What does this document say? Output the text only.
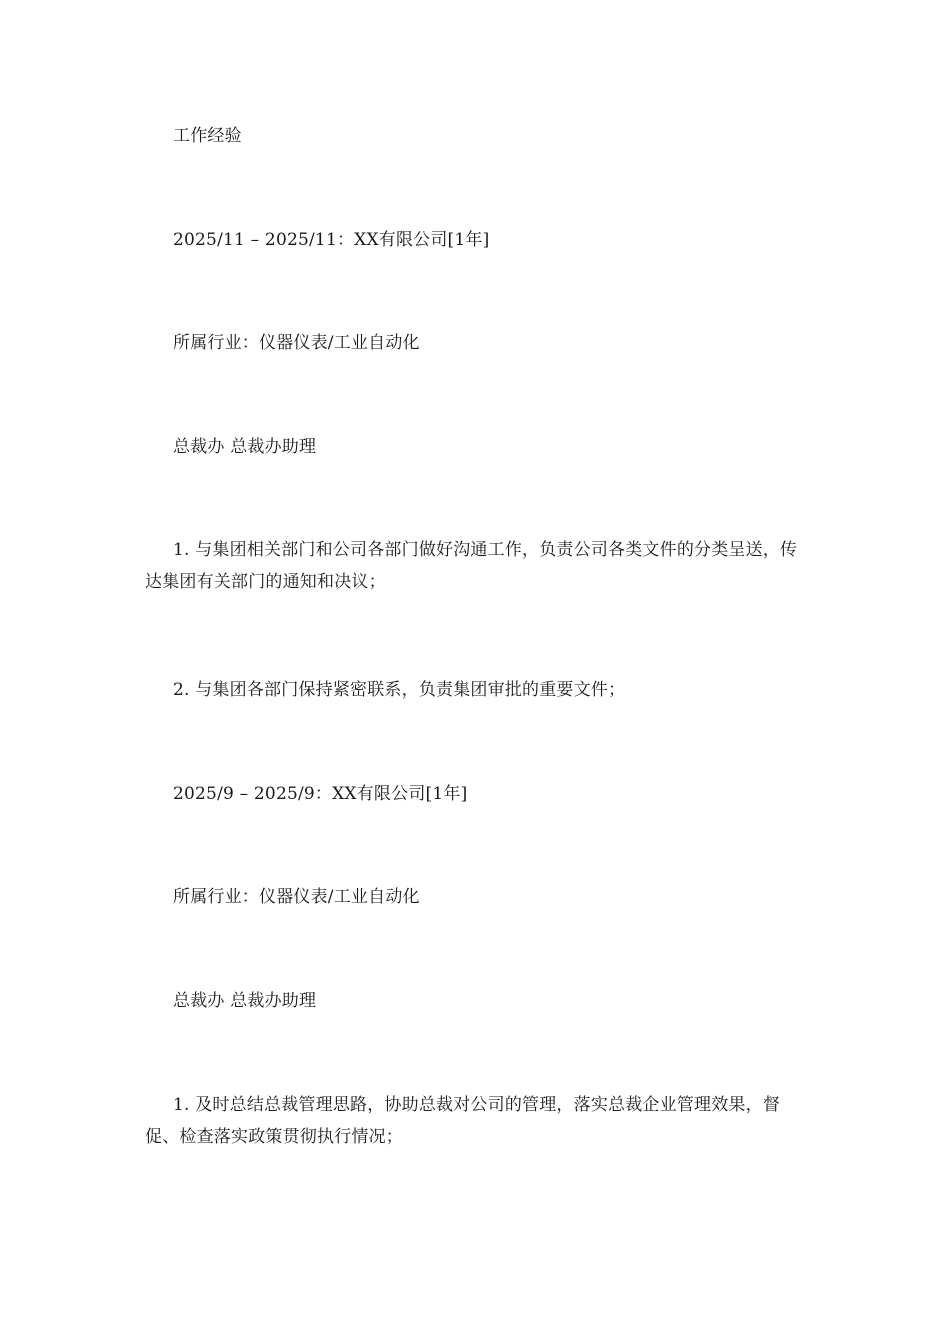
工作经验
2025/11 – 2025/11：XX有限公司[1年]
所属行业：仪器仪表/工业自动化
总裁办 总裁办助理
1. 与集团相关部门和公司各部门做好沟通工作，负责公司各类文件的分类呈送，传达集团有关部门的通知和决议；
2. 与集团各部门保持紧密联系，负责集团审批的重要文件；
2025/9 – 2025/9：XX有限公司[1年]
所属行业：仪器仪表/工业自动化
总裁办 总裁办助理
1. 及时总结总裁管理思路，协助总裁对公司的管理，落实总裁企业管理效果，督促、检查落实政策贯彻执行情况；
